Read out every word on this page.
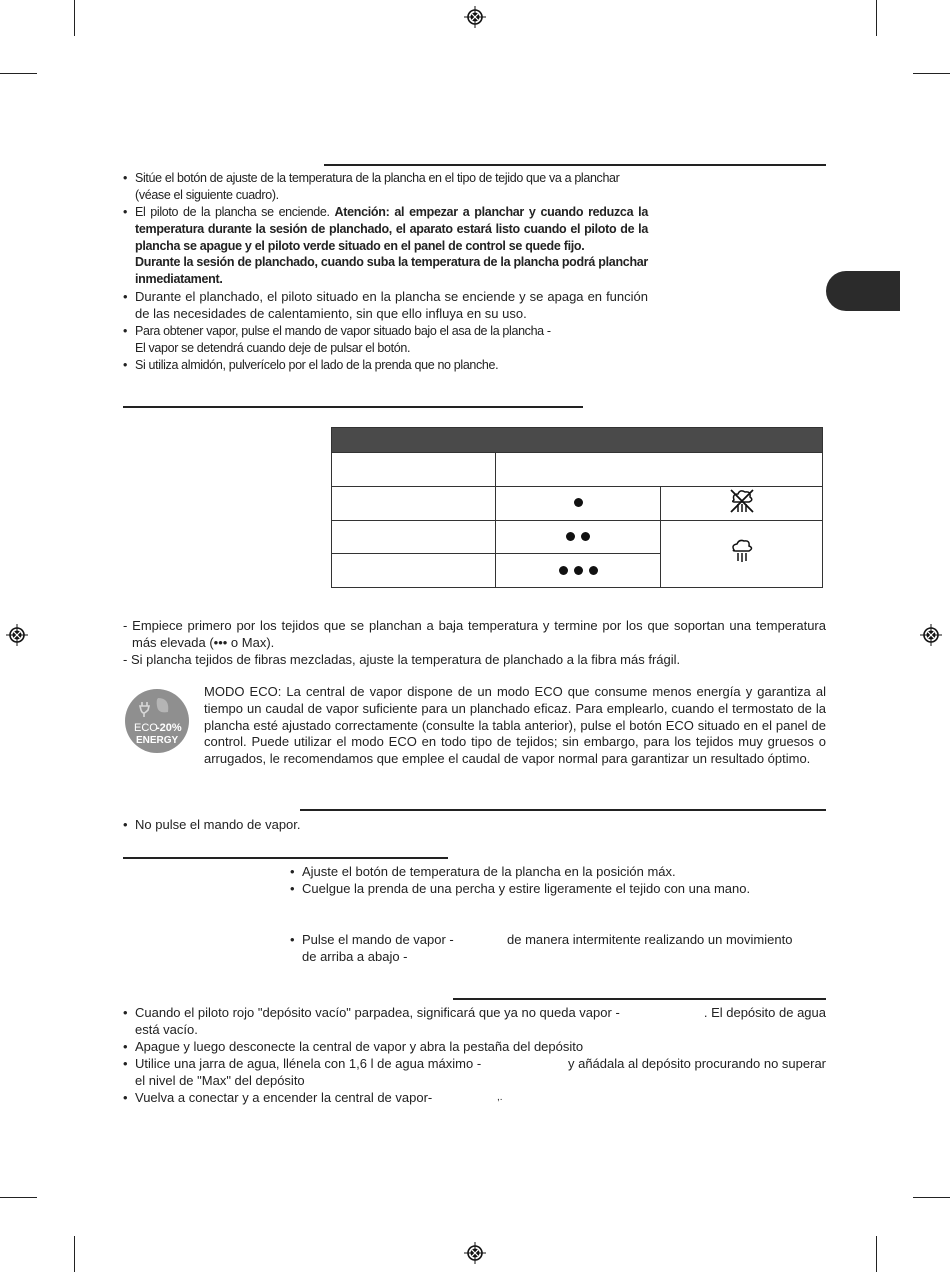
• Sitúe el botón de ajuste de la temperatura de la plancha en el tipo de tejido que va a planchar (véase el siguiente cuadro).
• El piloto de la plancha se enciende. Atención: al empezar a planchar y cuando reduzca la temperatura durante la sesión de planchado, el aparato estará listo cuando el piloto de la plancha se apague y el piloto verde situado en el panel de control se quede fijo.
Durante la sesión de planchado, cuando suba la temperatura de la plancha podrá planchar inmediatament.
• Durante el planchado, el piloto situado en la plancha se enciende y se apaga en función de las necesidades de calentamiento, sin que ello influya en su uso.
• Para obtener vapor, pulse el mando de vapor situado bajo el asa de la plancha -
El vapor se detendrá cuando deje de pulsar el botón.
• Si utiliza almidón, pulverícelo por el lado de la prenda que no planche.

- Empiece primero por los tejidos que se planchan a baja temperatura y termine por los que soportan una temperatura más elevada (••• o Max).
- Si plancha tejidos de fibras mezcladas, ajuste la temperatura de planchado a la fibra más frágil.
ECO
-20%
ENERGY
MODO ECO: La central de vapor dispone de un modo ECO que consume menos energía y garantiza al tiempo un caudal de vapor suficiente para un planchado eficaz. Para emplearlo, cuando el termostato de la plancha esté ajustado correctamente (consulte la tabla anterior), pulse el botón ECO situado en el panel de control. Puede utilizar el modo ECO en todo tipo de tejidos; sin embargo, para los tejidos muy gruesos o arrugados, le recomendamos que emplee el caudal de vapor normal para garantizar un resultado óptimo.
• No pulse el mando de vapor.
• Ajuste el botón de temperatura de la plancha en la posición máx.
• Cuelgue la prenda de una percha y estire ligeramente el tejido con una mano.
• Pulse el mando de vapor -	de manera intermitente realizando un movimiento

de arriba a abajo -
• Cuando el piloto rojo "depósito vacío" parpadea, significará que ya no queda vapor -	. El depósito de agua

está vacío.
• Apague y luego desconecte la central de vapor y abra la pestaña del depósito
• Utilice una jarra de agua, llénela con 1,6 l de agua máximo -	y añádala al depósito procurando no superar

el nivel de "Max" del depósito
• Vuelva a conectar y a encender la central de vapor-	,.
